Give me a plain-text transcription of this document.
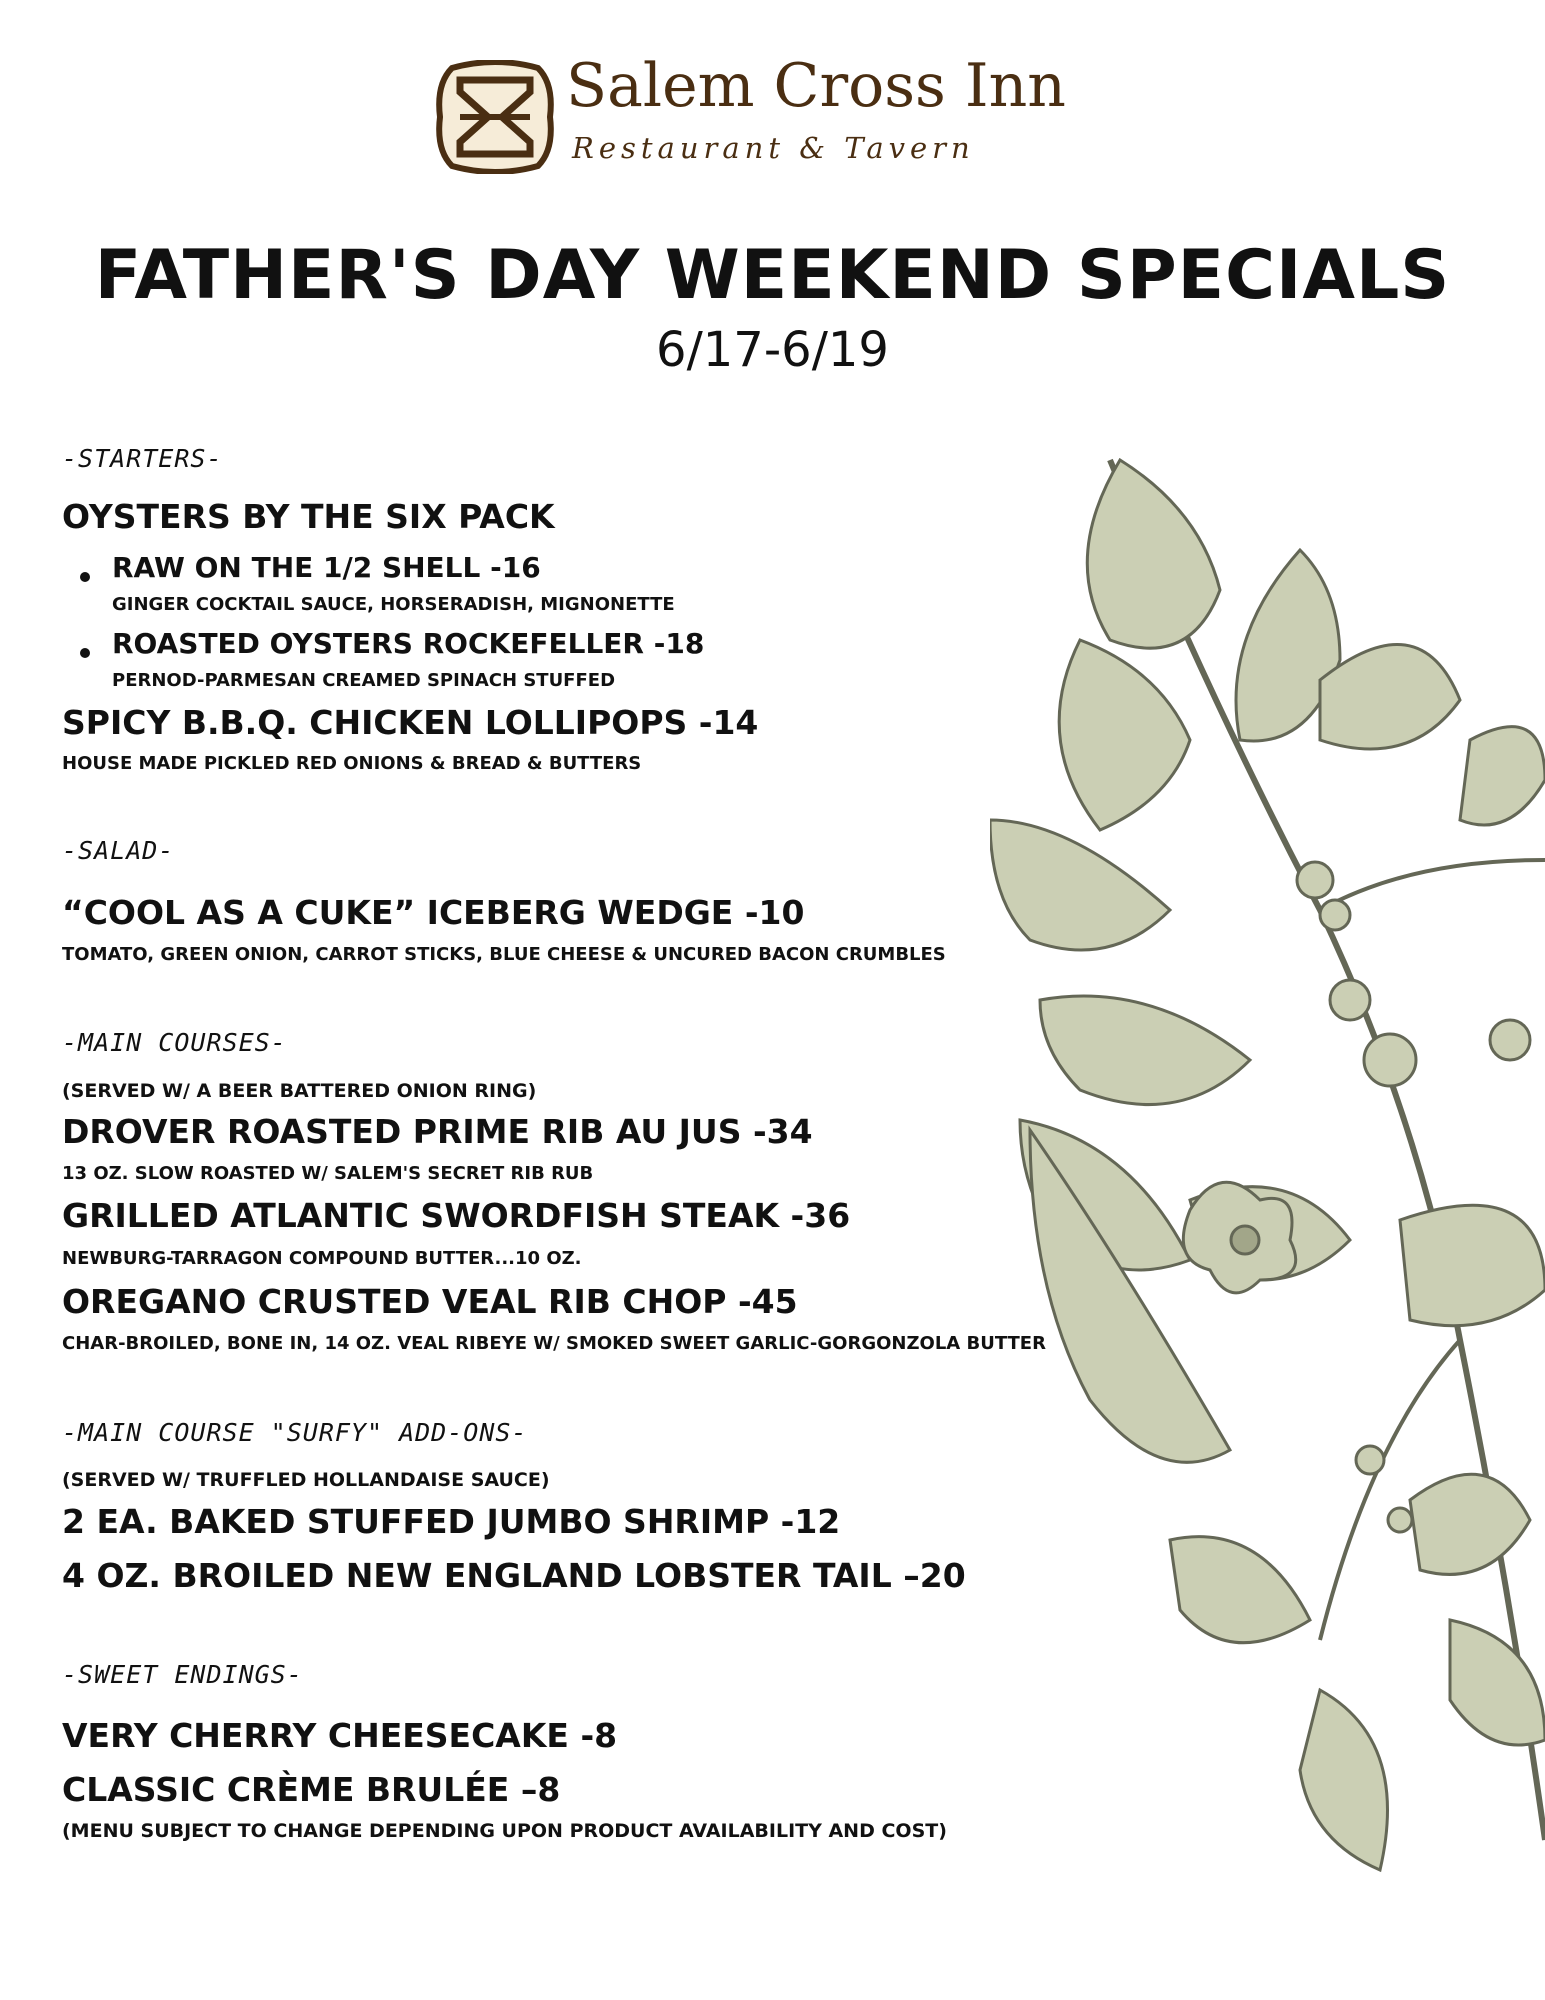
Salem Cross Inn
Restaurant & Tavern
FATHER'S DAY WEEKEND SPECIALS
6/17-6/19
-STARTERS-
OYSTERS BY THE SIX PACK
RAW ON THE 1/2 SHELL -16
GINGER COCKTAIL SAUCE, HORSERADISH, MIGNONETTE
ROASTED OYSTERS ROCKEFELLER -18
PERNOD-PARMESAN CREAMED SPINACH STUFFED
SPICY B.B.Q. CHICKEN LOLLIPOPS -14
HOUSE MADE PICKLED RED ONIONS & BREAD & BUTTERS
-SALAD-
“COOL AS A CUKE” ICEBERG WEDGE -10
TOMATO, GREEN ONION, CARROT STICKS, BLUE CHEESE & UNCURED BACON CRUMBLES
-MAIN COURSES-
(SERVED W/ A BEER BATTERED ONION RING)
DROVER ROASTED PRIME RIB AU JUS -34
13 OZ. SLOW ROASTED W/ SALEM'S SECRET RIB RUB
GRILLED ATLANTIC SWORDFISH STEAK -36
NEWBURG-TARRAGON COMPOUND BUTTER...10 OZ.
OREGANO CRUSTED VEAL RIB CHOP -45
CHAR-BROILED, BONE IN, 14 OZ. VEAL RIBEYE W/ SMOKED SWEET GARLIC-GORGONZOLA BUTTER
-MAIN COURSE "SURFY" ADD-ONS-
(SERVED W/ TRUFFLED HOLLANDAISE SAUCE)
2 EA. BAKED STUFFED JUMBO SHRIMP -12
4 OZ. BROILED NEW ENGLAND LOBSTER TAIL –20
-SWEET ENDINGS-
VERY CHERRY CHEESECAKE -8
CLASSIC CRÈME BRULÉE –8
(MENU SUBJECT TO CHANGE DEPENDING UPON PRODUCT AVAILABILITY AND COST)
